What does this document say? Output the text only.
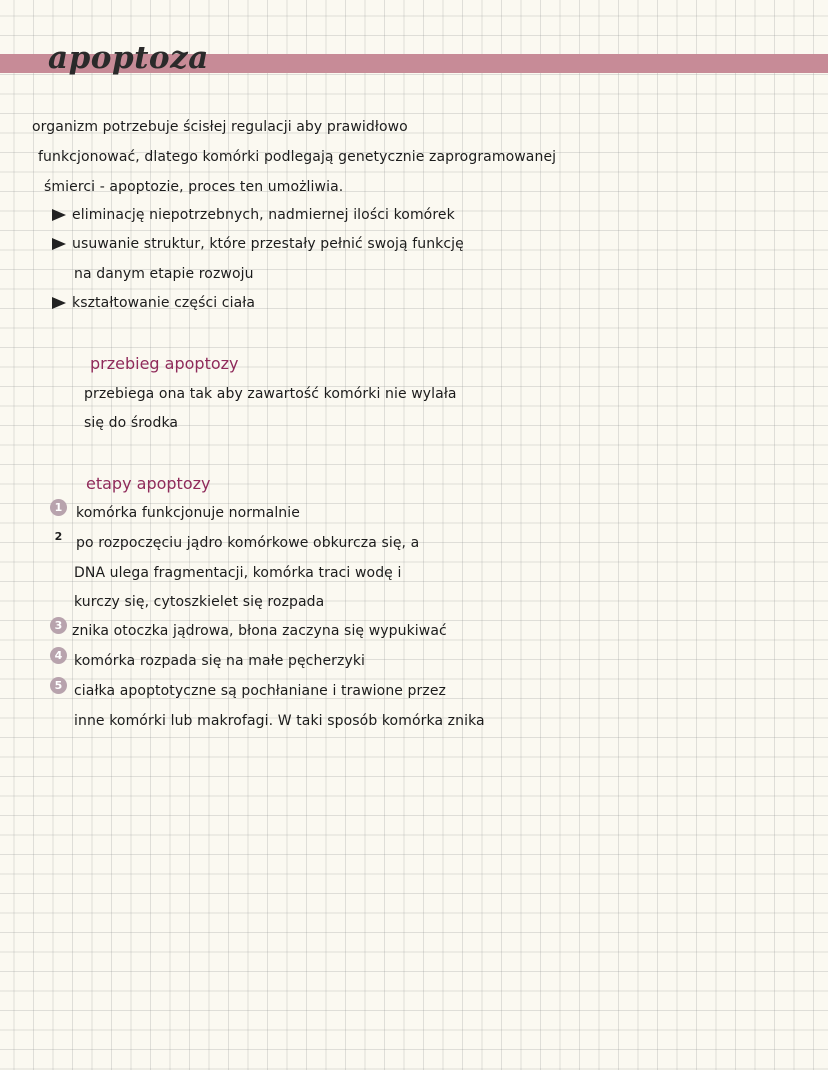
apoptoza
organizm potrzebuje ścisłej regulacji aby prawidłowo
funkcjonować, dlatego komórki podlegają genetycznie zaprogramowanej
śmierci - apoptozie, proces ten umożliwia.
eliminację niepotrzebnych, nadmiernej ilości komórek
usuwanie struktur, które przestały pełnić swoją funkcję
na danym etapie rozwoju
kształtowanie części ciała
przebieg apoptozy
przebiega ona tak aby zawartość komórki nie wylała
się do środka
etapy apoptozy
1 komórka funkcjonuje normalnie
2 po rozpoczęciu jądro komórkowe obkurcza się, a
DNA ulega fragmentacji, komórka traci wodę i
kurczy się, cytoszkielet się rozpada
3 znika otoczka jądrowa, błona zaczyna się wypukiwać
4 komórka rozpada się na małe pęcherzyki
5 ciałka apoptotyczne są pochłaniane i trawione przez
inne komórki lub makrofagi. W taki sposób komórka znika
